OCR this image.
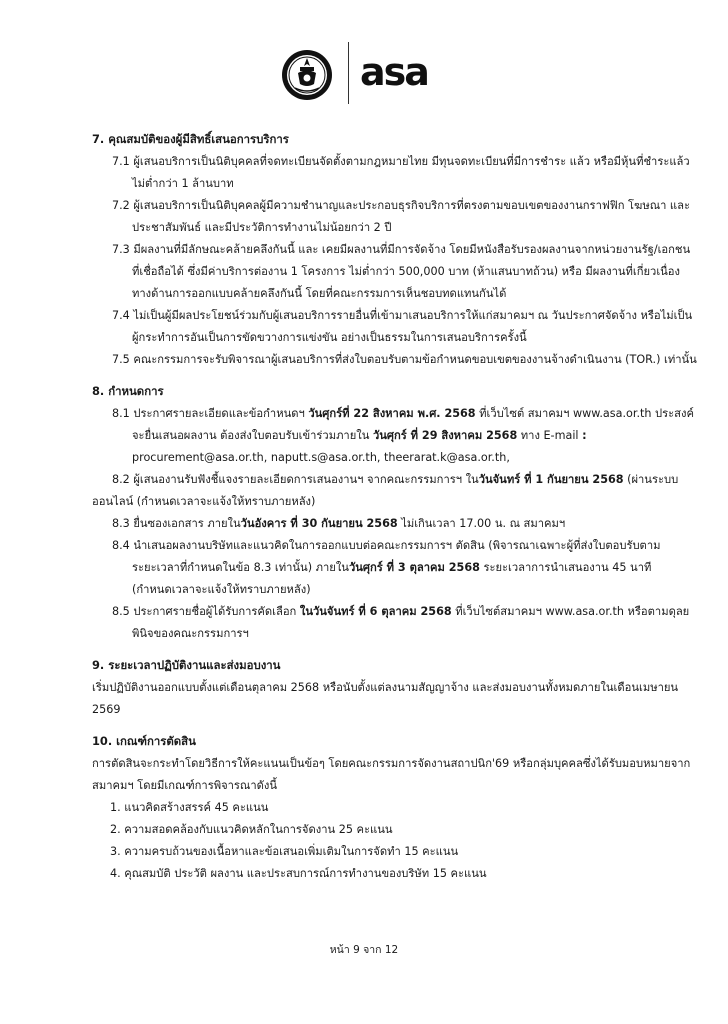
asa
7. คุณสมบัติของผู้มีสิทธิ์เสนอการบริการ
7.1 ผู้เสนอบริการเป็นนิติบุคคลที่จดทะเบียนจัดตั้งตามกฎหมายไทย มีทุนจดทะเบียนที่มีการชำระ แล้ว หรือมีหุ้นที่ชำระแล้ว
ไม่ต่ำกว่า 1 ล้านบาท
7.2 ผู้เสนอบริการเป็นนิติบุคคลผู้มีความชำนาญและประกอบธุรกิจบริการที่ตรงตามขอบเขตของงานกราฟฟิก โฆษณา และ
ประชาสัมพันธ์ และมีประวัติการทำงานไม่น้อยกว่า 2 ปี
7.3 มีผลงานที่มีลักษณะคล้ายคลึงกันนี้ และ เคยมีผลงานที่มีการจัดจ้าง โดยมีหนังสือรับรองผลงานจากหน่วยงานรัฐ/เอกชน
ที่เชื่อถือได้ ซึ่งมีค่าบริการต่องาน 1 โครงการ ไม่ต่ำกว่า 500,000 บาท (ห้าแสนบาทถ้วน) หรือ มีผลงานที่เกี่ยวเนื่อง
ทางด้านการออกแบบคล้ายคลึงกันนี้ โดยที่คณะกรรมการเห็นชอบทดแทนกันได้
7.4 ไม่เป็นผู้มีผลประโยชน์ร่วมกับผู้เสนอบริการรายอื่นที่เข้ามาเสนอบริการให้แก่สมาคมฯ ณ วันประกาศจัดจ้าง หรือไม่เป็น
ผู้กระทำการอันเป็นการขัดขวางการแข่งขัน อย่างเป็นธรรมในการเสนอบริการครั้งนี้
7.5 คณะกรรมการจะรับพิจารณาผู้เสนอบริการที่ส่งใบตอบรับตามข้อกำหนดขอบเขตของงานจ้างดำเนินงาน (TOR.) เท่านั้น
8. กำหนดการ
8.1 ประกาศรายละเอียดและข้อกำหนดฯ วันศุกร์ที่ 22 สิงหาคม พ.ศ. 2568 ที่เว็บไซต์ สมาคมฯ www.asa.or.th ประสงค์
จะยื่นเสนอผลงาน ต้องส่งใบตอบรับเข้าร่วมภายใน วันศุกร์ ที่ 29 สิงหาคม 2568 ทาง E-mail :
procurement@asa.or.th, naputt.s@asa.or.th, theerarat.k@asa.or.th,
8.2 ผู้เสนองานรับฟังชี้แจงรายละเอียดการเสนองานฯ จากคณะกรรมการฯ ในวันจันทร์ ที่ 1 กันยายน 2568 (ผ่านระบบ
ออนไลน์ (กำหนดเวลาจะแจ้งให้ทราบภายหลัง)
8.3 ยื่นซองเอกสาร ภายในวันอังคาร ที่ 30 กันยายน 2568 ไม่เกินเวลา 17.00 น. ณ สมาคมฯ
8.4 นำเสนอผลงานบริษัทและแนวคิดในการออกแบบต่อคณะกรรมการฯ ตัดสิน (พิจารณาเฉพาะผู้ที่ส่งใบตอบรับตาม
ระยะเวลาที่กำหนดในข้อ 8.3 เท่านั้น) ภายในวันศุกร์ ที่ 3 ตุลาคม 2568 ระยะเวลาการนำเสนองาน 45 นาที
(กำหนดเวลาจะแจ้งให้ทราบภายหลัง)
8.5 ประกาศรายชื่อผู้ได้รับการคัดเลือก ในวันจันทร์ ที่ 6 ตุลาคม 2568 ที่เว็บไซต์สมาคมฯ www.asa.or.th หรือตามดุลย
พินิจของคณะกรรมการฯ
9. ระยะเวลาปฏิบัติงานและส่งมอบงาน
เริ่มปฏิบัติงานออกแบบตั้งแต่เดือนตุลาคม 2568 หรือนับตั้งแต่ลงนามสัญญาจ้าง และส่งมอบงานทั้งหมดภายในเดือนเมษายน
2569
10. เกณฑ์การตัดสิน
การตัดสินจะกระทำโดยวิธีการให้คะแนนเป็นข้อๆ โดยคณะกรรมการจัดงานสถาปนิก'69 หรือกลุ่มบุคคลซึ่งได้รับมอบหมายจาก
สมาคมฯ โดยมีเกณฑ์การพิจารณาดังนี้
1. แนวคิดสร้างสรรค์ 45 คะแนน
2. ความสอดคล้องกับแนวคิดหลักในการจัดงาน 25 คะแนน
3. ความครบถ้วนของเนื้อหาและข้อเสนอเพิ่มเติมในการจัดทำ 15 คะแนน
4. คุณสมบัติ ประวัติ ผลงาน และประสบการณ์การทำงานของบริษัท 15 คะแนน
หน้า 9 จาก 12
